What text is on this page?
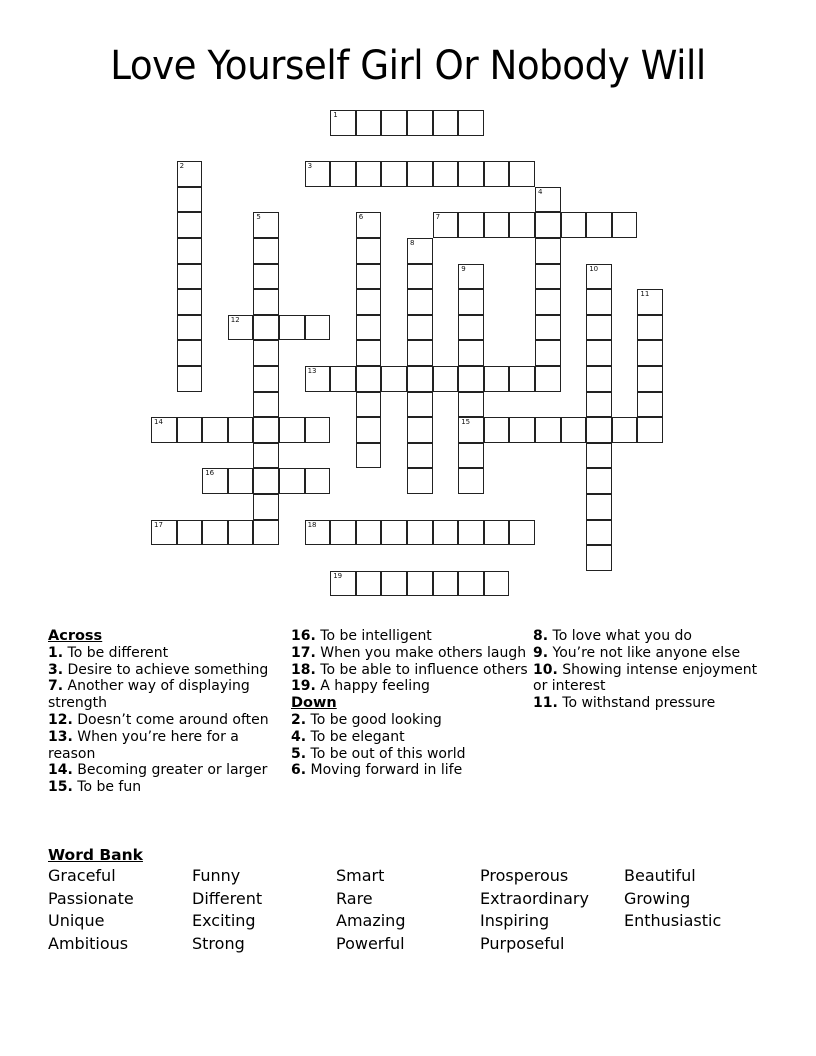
Love Yourself Girl Or Nobody Will
1
2	3
4
5	6	7
8
9
15
10
11
12
13
14
16
17	18
19
Across
1. To be different
3. Desire to achieve something
7. Another way of displaying strength
12. Doesn’t come around often
13. When you’re here for a reason
14. Becoming greater or larger
15. To be fun
16. To be intelligent
17. When you make others laugh
18. To be able to influence others
19. A happy feeling
Down
2. To be good looking
4. To be elegant
5. To be out of this world
6. Moving forward in life
8. To love what you do
9. You’re not like anyone else
10. Showing intense enjoyment or interest
11. To withstand pressure
Word Bank
Graceful	Funny	Smart	Prosperous	Beautiful
Passionate	Different	Rare	Extraordinary	Growing
Unique	Exciting	Amazing	Inspiring	Enthusiastic
Ambitious	Strong	Powerful	Purposeful
